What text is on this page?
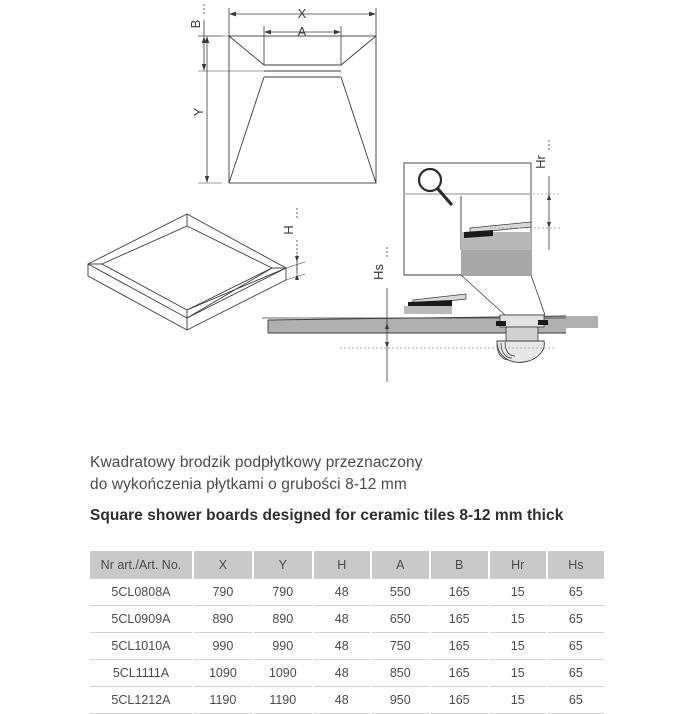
X
A
B
Y
H
Hr
Hs
Kwadratowy brodzik podpłytkowy przeznaczony
do wykończenia płytkami o grubości 8-12 mm
Square shower boards designed for ceramic tiles 8-12 mm thick
Nr art./Art. No.	X	Y	H	A	B	Hr	Hs
5CL0808A	790	790	48	550	165	15	65
5CL0909A	890	890	48	650	165	15	65
5CL1010A	990	990	48	750	165	15	65
5CL1111A	1090	1090	48	850	165	15	65
5CL1212A	1190	1190	48	950	165	15	65
